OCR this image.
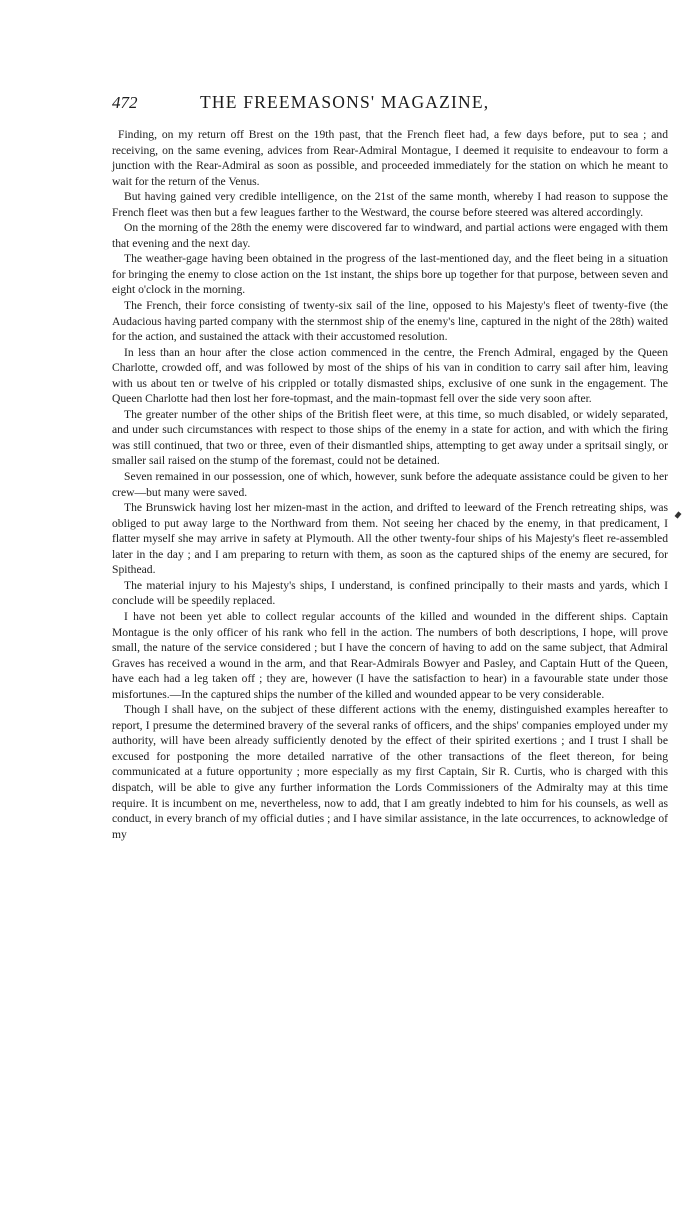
472	THE FREEMASONS' MAGAZINE,

Finding, on my return off Brest on the 19th past, that the French fleet had, a few days before, put to sea ; and receiving, on the same evening, advices from Rear-Admiral Montague, I deemed it requisite to endeavour to form a junction with the Rear-Admiral as soon as possible, and proceeded immediately for the station on which he meant to wait for the return of the Venus.

But having gained very credible intelligence, on the 21st of the same month, whereby I had reason to suppose the French fleet was then but a few leagues farther to the Westward, the course before steered was altered accordingly.

On the morning of the 28th the enemy were discovered far to windward, and partial actions were engaged with them that evening and the next day.

The weather-gage having been obtained in the progress of the last-mentioned day, and the fleet being in a situation for bringing the enemy to close action on the 1st instant, the ships bore up together for that purpose, between seven and eight o'clock in the morning.

The French, their force consisting of twenty-six sail of the line, opposed to his Majesty's fleet of twenty-five (the Audacious having parted company with the sternmost ship of the enemy's line, captured in the night of the 28th) waited for the action, and sustained the attack with their accustomed resolution.

In less than an hour after the close action commenced in the centre, the French Admiral, engaged by the Queen Charlotte, crowded off, and was followed by most of the ships of his van in condition to carry sail after him, leaving with us about ten or twelve of his crippled or totally dismasted ships, exclusive of one sunk in the engagement. The Queen Charlotte had then lost her fore-topmast, and the main-topmast fell over the side very soon after.

The greater number of the other ships of the British fleet were, at this time, so much disabled, or widely separated, and under such circumstances with respect to those ships of the enemy in a state for action, and with which the firing was still continued, that two or three, even of their dismantled ships, attempting to get away under a spritsail singly, or smaller sail raised on the stump of the foremast, could not be detained.

Seven remained in our possession, one of which, however, sunk before the adequate assistance could be given to her crew—but many were saved.

The Brunswick having lost her mizen-mast in the action, and drifted to leeward of the French retreating ships, was obliged to put away large to the Northward from them. Not seeing her chaced by the enemy, in that predicament, I flatter myself she may arrive in safety at Plymouth. All the other twenty-four ships of his Majesty's fleet re-assembled later in the day ; and I am preparing to return with them, as soon as the captured ships of the enemy are secured, for Spithead.

The material injury to his Majesty's ships, I understand, is confined principally to their masts and yards, which I conclude will be speedily replaced.

I have not been yet able to collect regular accounts of the killed and wounded in the different ships. Captain Montague is the only officer of his rank who fell in the action. The numbers of both descriptions, I hope, will prove small, the nature of the service considered ; but I have the concern of having to add on the same subject, that Admiral Graves has received a wound in the arm, and that Rear-Admirals Bowyer and Pasley, and Captain Hutt of the Queen, have each had a leg taken off ; they are, however (I have the satisfaction to hear) in a favourable state under those misfortunes.—In the captured ships the number of the killed and wounded appear to be very considerable.

Though I shall have, on the subject of these different actions with the enemy, distinguished examples hereafter to report, I presume the determined bravery of the several ranks of officers, and the ships' companies employed under my authority, will have been already sufficiently denoted by the effect of their spirited exertions ; and I trust I shall be excused for postponing the more detailed narrative of the other transactions of the fleet thereon, for being communicated at a future opportunity ; more especially as my first Captain, Sir R. Curtis, who is charged with this dispatch, will be able to give any further information the Lords Commissioners of the Admiralty may at this time require. It is incumbent on me, nevertheless, now to add, that I am greatly indebted to him for his counsels, as well as conduct, in every branch of my official duties ; and I have similar assistance, in the late occurrences, to acknowledge of my
